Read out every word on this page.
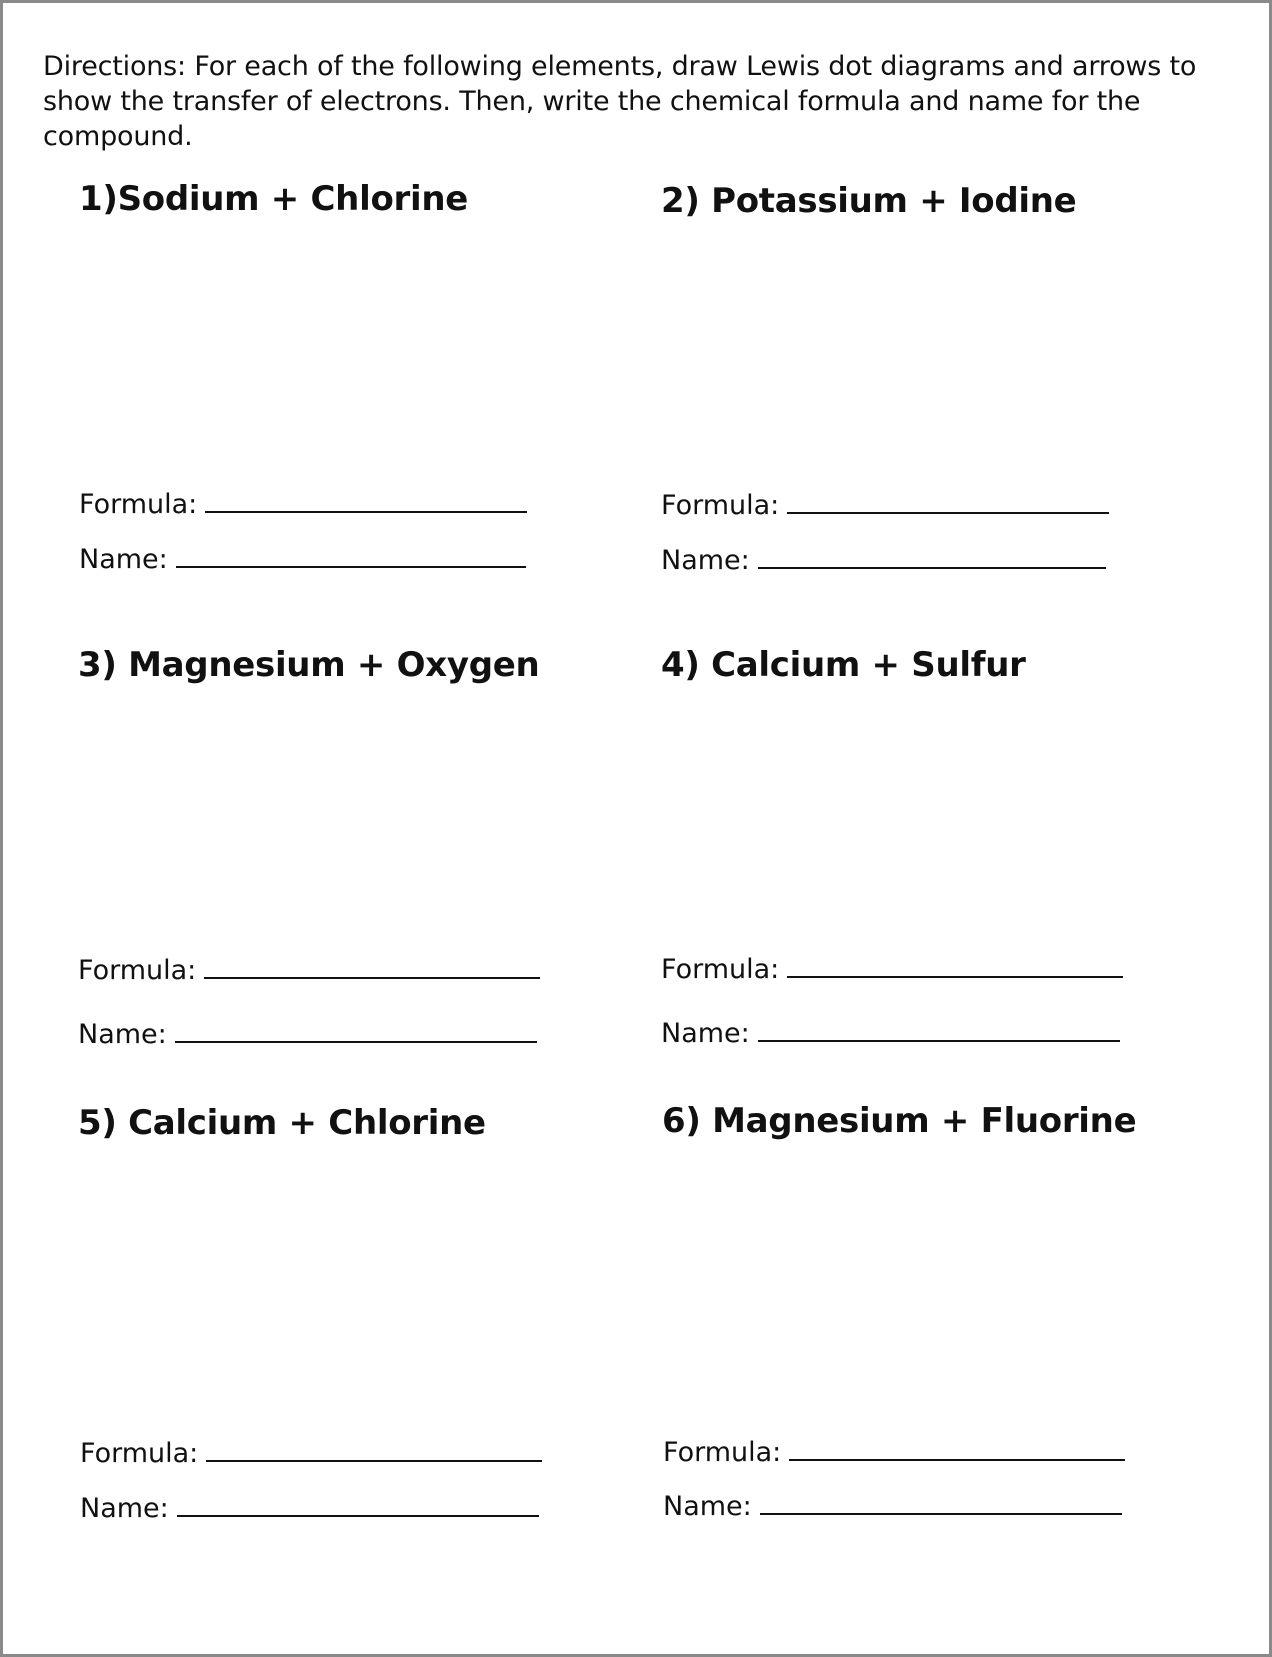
Directions: For each of the following elements, draw Lewis dot diagrams and arrows to show the transfer of electrons. Then, write the chemical formula and name for the compound.

1)Sodium + Chlorine
Formula:
Name:
2) Potassium + Iodine
Formula:
Name:
3) Magnesium + Oxygen
Formula:
Name:
4) Calcium + Sulfur
Formula:
Name:
5) Calcium + Chlorine
Formula:
Name:
6) Magnesium + Fluorine
Formula:
Name:
